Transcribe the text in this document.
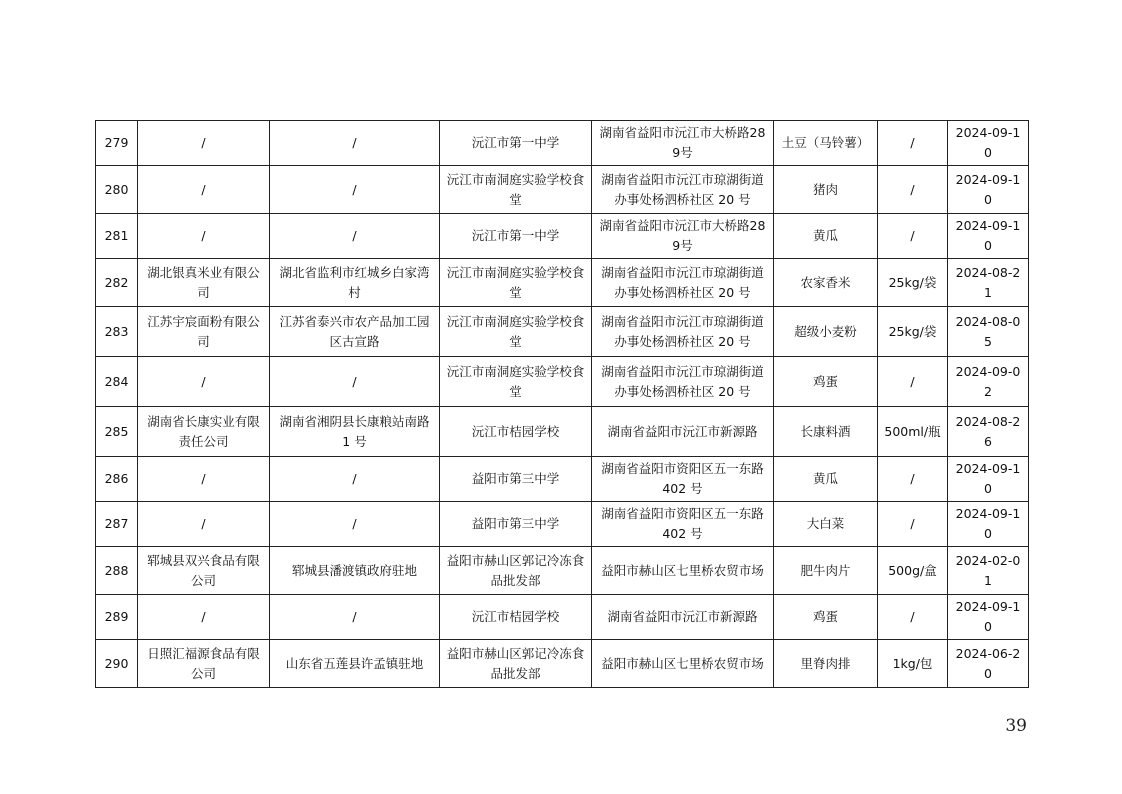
279	/	/	沅江市第一中学	湖南省益阳市沅江市大桥路289号	土豆（马铃薯）	/	2024-09-10
280	/	/	沅江市南洞庭实验学校食堂	湖南省益阳市沅江市琼湖街道办事处杨泗桥社区 20 号	猪肉	/	2024-09-10
281	/	/	沅江市第一中学	湖南省益阳市沅江市大桥路289号	黄瓜	/	2024-09-10
282	湖北银真米业有限公司	湖北省监利市红城乡白家湾村	沅江市南洞庭实验学校食堂	湖南省益阳市沅江市琼湖街道办事处杨泗桥社区 20 号	农家香米	25kg/袋	2024-08-21
283	江苏宇宸面粉有限公司	江苏省泰兴市农产品加工园区古宣路	沅江市南洞庭实验学校食堂	湖南省益阳市沅江市琼湖街道办事处杨泗桥社区 20 号	超级小麦粉	25kg/袋	2024-08-05
284	/	/	沅江市南洞庭实验学校食堂	湖南省益阳市沅江市琼湖街道办事处杨泗桥社区 20 号	鸡蛋	/	2024-09-02
285	湖南省长康实业有限责任公司	湖南省湘阴县长康粮站南路 1 号	沅江市桔园学校	湖南省益阳市沅江市新源路	长康料酒	500ml/瓶	2024-08-26
286	/	/	益阳市第三中学	湖南省益阳市资阳区五一东路 402 号	黄瓜	/	2024-09-10
287	/	/	益阳市第三中学	湖南省益阳市资阳区五一东路 402 号	大白菜	/	2024-09-10
288	郓城县双兴食品有限公司	郓城县潘渡镇政府驻地	益阳市赫山区郭记冷冻食品批发部	益阳市赫山区七里桥农贸市场	肥牛肉片	500g/盒	2024-02-01
289	/	/	沅江市桔园学校	湖南省益阳市沅江市新源路	鸡蛋	/	2024-09-10
290	日照汇福源食品有限公司	山东省五莲县许孟镇驻地	益阳市赫山区郭记冷冻食品批发部	益阳市赫山区七里桥农贸市场	里脊肉排	1kg/包	2024-06-20
39
